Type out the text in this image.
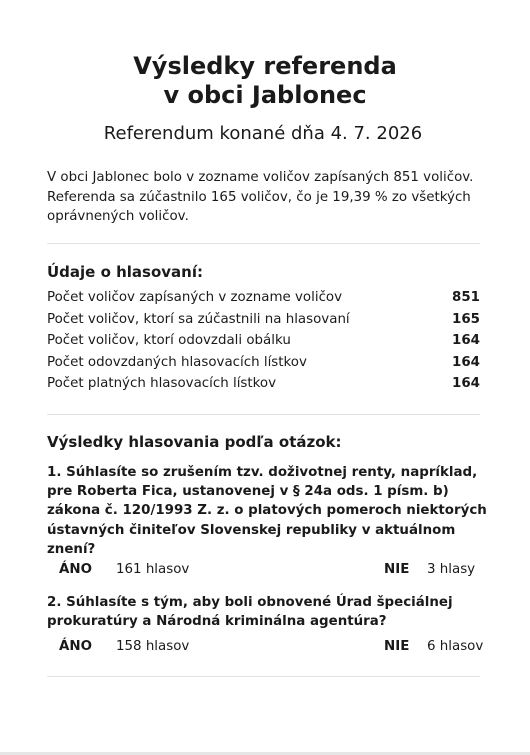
Výsledky referenda
v obci Jablonec

Referendum konané dňa 4. 7. 2026

V obci Jablonec bolo v zozname voličov zapísaných 851 voličov. Referenda sa zúčastnilo 165 voličov, čo je 19,39 % zo všetkých oprávnených voličov.

Údaje o hlasovaní:
Počet voličov zapísaných v zozname voličov	851
Počet voličov, ktorí sa zúčastnili na hlasovaní	165
Počet voličov, ktorí odovzdali obálku	164
Počet odovzdaných hlasovacích lístkov	164
Počet platných hlasovacích lístkov	164
Výsledky hlasovania podľa otázok:

1. Súhlasíte so zrušením tzv. doživotnej renty, napríklad, pre Roberta Fica, ustanovenej v § 24a ods. 1 písm. b) zákona č. 120/1993 Z. z. o platových pomeroch niektorých ústavných činiteľov Slovenskej republiky v aktuálnom znení?

ÁNO 161 hlasov	NIE 3 hlasy

2. Súhlasíte s tým, aby boli obnovené Úrad špeciálnej prokuratúry a Národná kriminálna agentúra?

ÁNO 158 hlasov	NIE 6 hlasov
